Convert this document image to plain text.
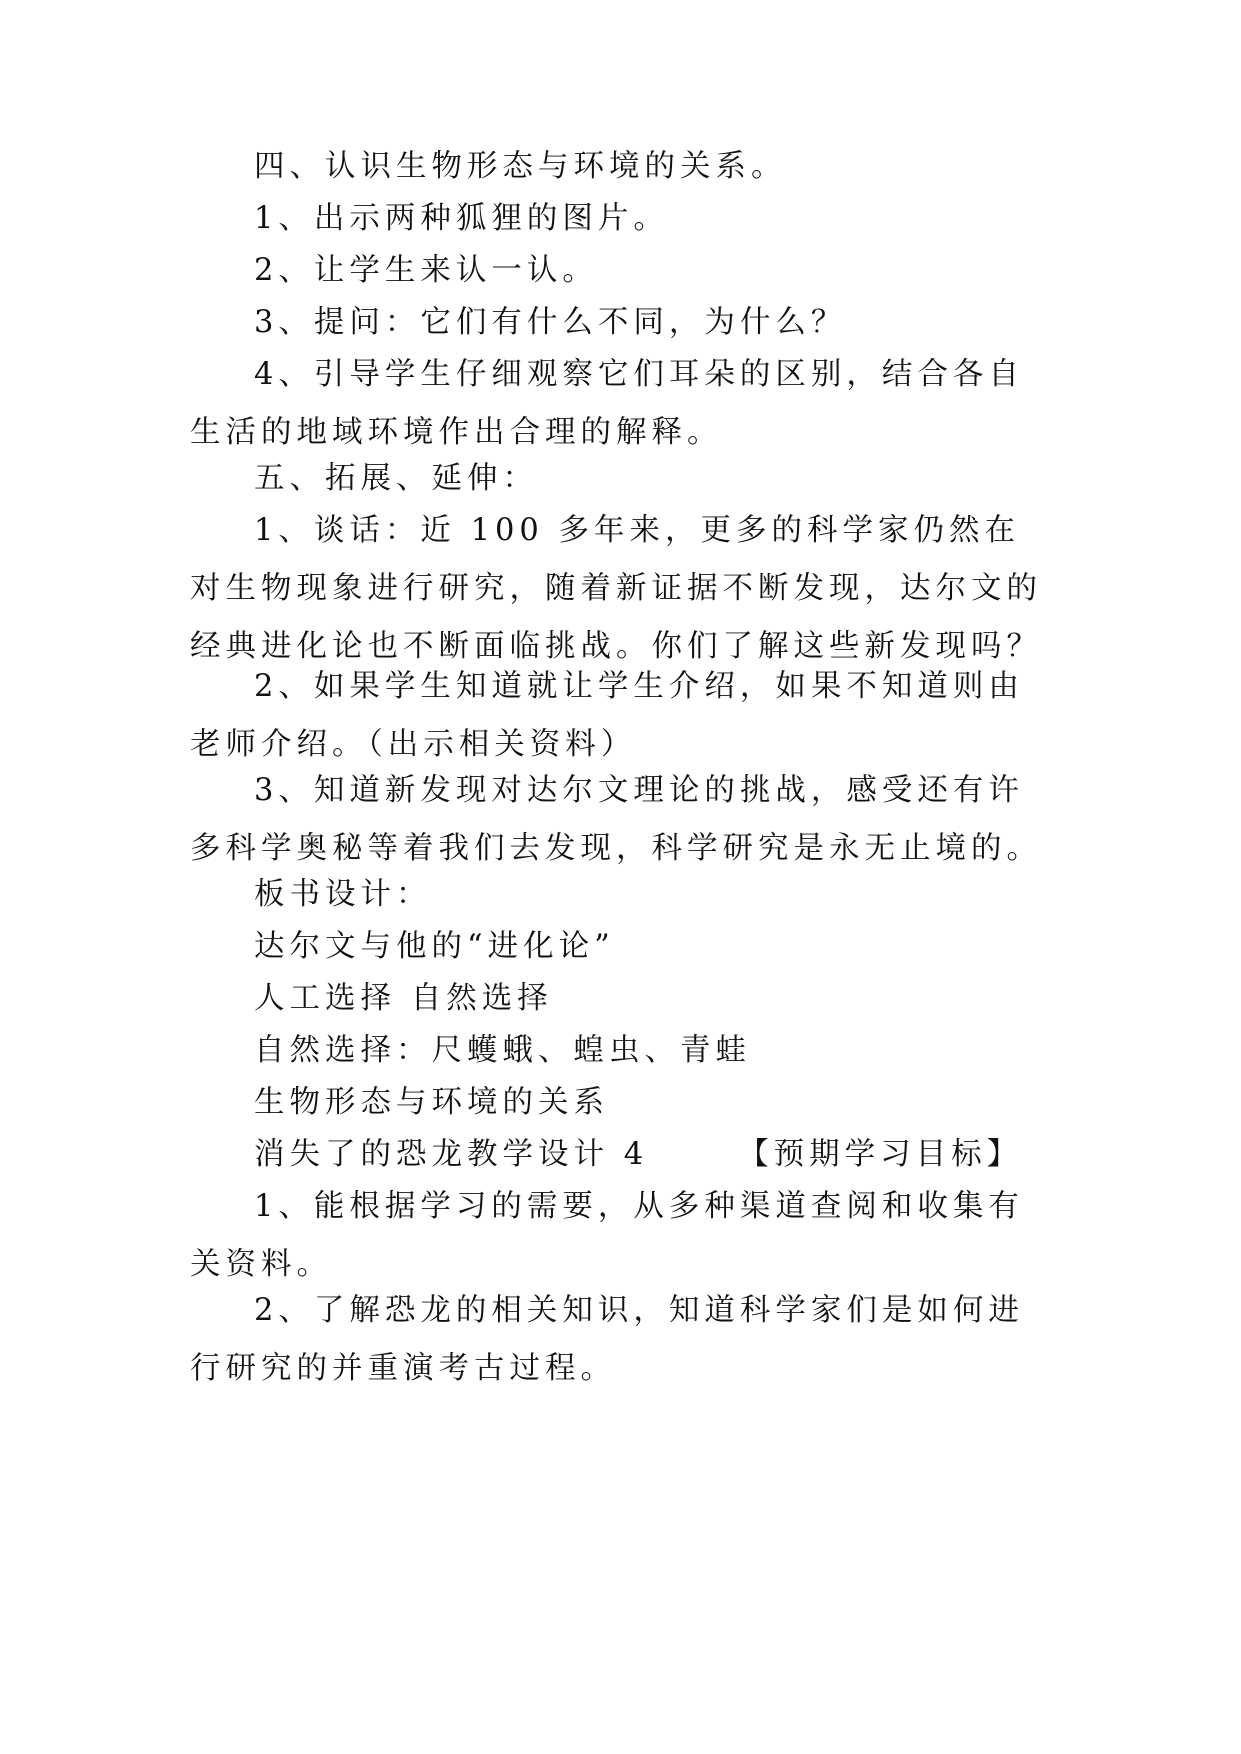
四、认识生物形态与环境的关系。

1、出示两种狐狸的图片。

2、让学生来认一认。

3、提问：它们有什么不同，为什么？

4、引导学生仔细观察它们耳朵的区别，结合各自生活的地域环境作出合理的解释。

五、拓展、延伸：

1、谈话：近 100 多年来，更多的科学家仍然在对生物现象进行研究，随着新证据不断发现，达尔文的经典进化论也不断面临挑战。你们了解这些新发现吗？

2、如果学生知道就让学生介绍，如果不知道则由老师介绍。（出示相关资料）

3、知道新发现对达尔文理论的挑战，感受还有许多科学奥秘等着我们去发现，科学研究是永无止境的。

板书设计：

达尔文与他的“进化论”

人工选择 自然选择

自然选择：尺蠖蛾、蝗虫、青蛙

生物形态与环境的关系

消失了的恐龙教学设计 4	【预期学习目标】

1、能根据学习的需要，从多种渠道查阅和收集有关资料。

2、了解恐龙的相关知识，知道科学家们是如何进行研究的并重演考古过程。
